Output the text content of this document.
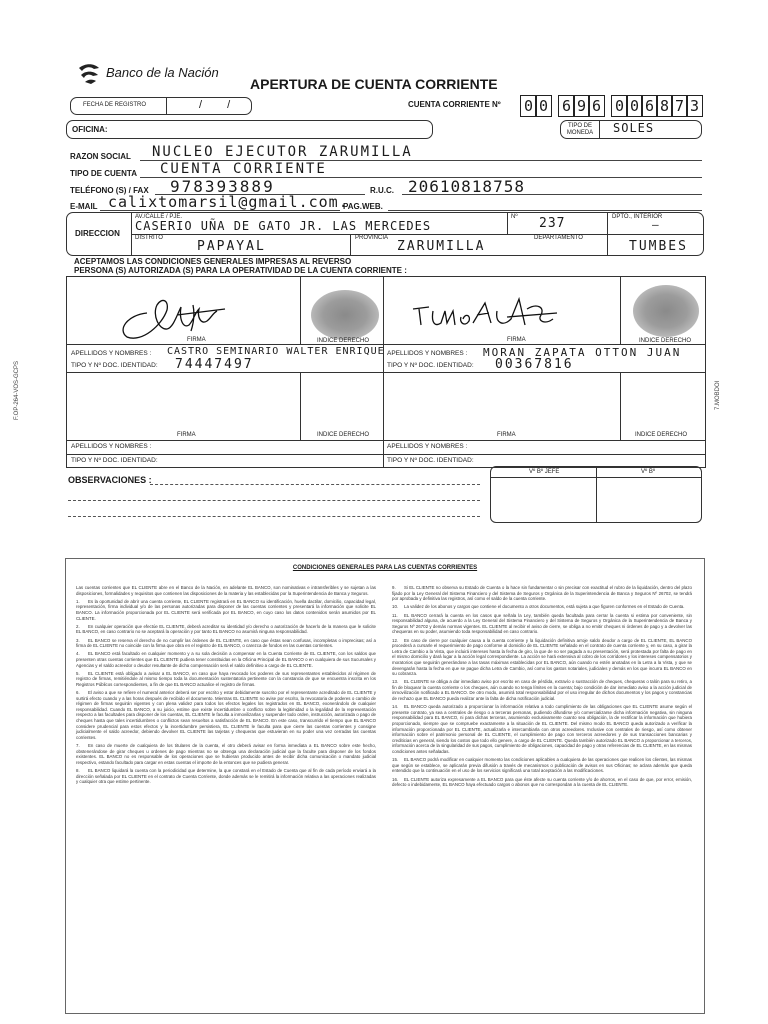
Banco de la Nación
APERTURA DE CUENTA CORRIENTE
FECHA DE REGISTRO	/ /	CUENTA CORRIENTE Nº 0 0 6 9 6 0 0 6 8 7 3
OFICINA:	TIPO DE MONEDA SOLES
RAZON SOCIAL NUCLEO EJECUTOR ZARUMILLA
TIPO DE CUENTA CUENTA CORRIENTE
TELÉFONO (S) / FAX 978393889	R.U.C. 20610818758
E-MAIL calixtomarsil@gmail.com.
PAG.WEB.
DIRECCION
AV./CALLE / PJE.
CASERIO UÑA DE GATO JR. LAS MERCEDES
Nº 237	DPTO., INTERIOR
—
DISTRITO
PAPAYAL
PROVINCIA
ZARUMILLA
DEPARTAMENTO
TUMBES
ACEPTAMOS LAS CONDICIONES GENERALES IMPRESAS AL REVERSO
PERSONA (S) AUTORIZADA (S) PARA LA OPERATIVIDAD DE LA CUENTA CORRIENTE :
FIRMA	INDICE DERECHO	FIRMA	INDICE DERECHO
APELLIDOS Y NOMBRES : CASTRO SEMINARIO WALTER ENRIQUE
TIPO Y Nº DOC. IDENTIDAD: 74447497
APELLIDOS Y NOMBRES : MORAN ZAPATA OTTON JUAN
TIPO Y Nº DOC. IDENTIDAD: 00367816
FIRMA	INDICE DERECHO	FIRMA	INDICE DERECHO
APELLIDOS Y NOMBRES :
TIPO Y Nº DOC. IDENTIDAD:
APELLIDOS Y NOMBRES :
TIPO Y Nº DOC. IDENTIDAD:
F.OP-264-VOS-GCPS	7.MOBDOI
OBSERVACIONES :
Vº Bº JEFE	Vº Bº
CONDICIONES GENERALES PARA LAS CUENTAS CORRIENTES

Las cuentas corrientes que EL CLIENTE abre en el Banco de la Nación, en adelante EL BANCO, son nominativas e intransferibles y se sujetan a las disposiciones, formalidades y requisitos que contienen las disposiciones de la materia y las establecidas por la Superintendencia de Banca y Seguros.

1. Es la oportunidad de abrir una cuenta corriente, EL CLIENTE registrará en EL BANCO su identificación, huella dactilar, domicilio, capacidad legal, representación, firma individual y/o de las personas autorizadas para disponer de las cuentas corrientes y presentará la información que solicite EL BANCO. La información proporcionada por EL CLIENTE será verificada por EL BANCO, en cuyo caso los datos contenidos serán asumidos por EL CLIENTE.

2. En cualquier operación que efectúe EL CLIENTE, deberá acreditar su identidad y/o derecho o autorización de hacerlo de la manera que le solicite EL BANCO, en caso contrario no se aceptará la operación y por tanto EL BANCO no asumirá ninguna responsabilidad.

3. EL BANCO se reserva el derecho de no cumplir las órdenes de EL CLIENTE, en caso que éstas sean confusas, incompletas o imprecisas; así a firma de EL CLIENTE no coincide con la firma que obra en el registro de EL BANCO, o carezca de fondos en las cuentas corrientes.

4. EL BANCO está facultado en cualquier momento y a su sola decisión a compensar en la Cuenta Corriente de EL CLIENTE, con los saldos que presenten otras cuentas corrientes que EL CLIENTE pudiera tener constituidas en la Oficina Principal de EL BANCO o en cualquiera de sus Sucursales y Agencias y el saldo acreedor o deudor resultante de dicha compensación será el saldo definitivo a cargo de EL CLIENTE.

5. EL CLIENTE está obligado a avisar a EL BANCO, en caso que haya revocado los poderes de sus representantes establecidos al régimen de registro de firmas, remitiéndole al mismo tiempo toda la documentación sustentatoria pertinente con la constancia de que se encuentra inscrita en los Registros Públicos correspondientes, a fin de que EL BANCO actualice el registro de firmas.

6. El aviso a que se refiere el numeral anterior deberá ser por escrito y estar debidamente suscrito por el representante acreditado de EL CLIENTE y surtirá efecto cuando y a las horas después de recibido el documento. Mientras EL CLIENTE no avise por escrito, la revocatoria de poderes o cambio de régimen de firmas seguirán vigentes y con plena validez para todos los efectos legales los registrados en EL BANCO, exonerándolo de cualquier responsabilidad. Cuando EL BANCO, a su juicio, estime que existe incertidumbre o conflicto sobre la legitimidad o la legalidad de la representación respecto a las facultades para disponer de los cuentas, EL CLIENTE le faculta a inmovilizarlas y suspender todo orden, instrucción, autorizada o pago de cheques hasta que tales incertidumbres o conflictos sean resueltos a satisfacción de EL BANCO. En este caso, transcurrido el tiempo que EL BANCO considere prudencial para estos efectos y la incertidumbre persistiera, EL CLIENTE le faculta para que cierre las cuentas corrientes y consigne judicialmente el saldo acreedor, debiendo devolver EL CLIENTE las tarjetas y chequeras que estuvieran en su poder una vez cerradas las cuentas corrientes.

7. En caso de muerte de cualquiera de los titulares de la cuenta, el otro deberá avisar en forma inmediata a EL BANCO sobre este hecho, obstenerándose de girar cheques u ordenes de pago mientras no se obtenga una declaración judicial que la faculte para disponer de los fondos existentes. EL BANCO no es responsable de los operaciones que se hubieran producido antes de recibir dicha comunicación o mandato judicial respectivo, estando facultado para cargar en estas cuentas el importe de la entonces que se pudiera generar.

8. EL BANCO liquidará la cuenta con la periodicidad que determine, la que constará en el Estado de Cuenta que al fin de cada período enviará a la dirección señalada por EL CLIENTE en el contrato de Cuenta Corriente, donde además se le remitirá la información relativa a las operaciones realizadas y cualquier otra que estime pertinente.

9. Si EL CLIENTE no observa su Estado de Cuenta o la hace sin fundamentar o sin precisar con exactitud el rubro de la liquidación, dentro del plazo fijado por la Ley General del Sistema Financiero y del Sistema de Seguros y Orgánica de la Superintendencia de Banca y Seguros Nº 26702, se tendrá por aprobada y definitiva las registros, así como el saldo de la cuenta corriente.

10. La validez de los abonos y cargos que contiene el documento a otros documentos, está sujeta a que figuren conformes en el Estado de Cuenta.

11. EL BANCO cerrará la cuenta en los casos que señala la Ley, también queda facultada para cerrar la cuenta si estima por conveniente, sin responsabilidad alguna, de acuerdo a la Ley General del Sistema Financiero y del Sistema de Seguros y Orgánica de la Superintendencia de Banca y Seguros Nº 26702 y demás normas vigentes. EL CLIENTE al recibir el aviso de cierre, se obliga a no emitir cheques ni órdenes de pago y a devolver las chequeras en su poder, asumiendo toda responsabilidad en caso contrario.

12. En caso de cierre por cualquier causa a la cuenta corriente y la liquidación definitiva arroje saldo deudor a cargo de EL CLIENTE, EL BANCO procederá a cursarle el requerimiento de pago conforme al domicilio de EL CLIENTE señalado en el contrato de cuenta corriente y, en su caso, a girar la Letra de Cambio a la Vista, que incluirá intereses hasta la fecha de giro, la que de no ser pagada a su presentación, será protestada por falta de pago en el mismo domicilio y dará lugar a la acción legal correspondiente. La acción se hará extensiva al cobro de los corridores y los intereses compensatorios y moratorios que seguirán generándose a las tasas máximas establecidas por EL BANCO, aún cuando no estén anotadas en la Letra a la Vista, y que se devengarán hasta la fecha en que se pague dicha Letra de Cambio, así como los gastos notariales, judiciales y demás en los que incurra EL BANCO en su cobranza.

13. EL CLIENTE se obliga a dar inmediato aviso por escrito en caso de pérdida, extravío o sustracción de cheques, chequeras o talón para su retiro, a fin de bloquear la cuenta corriente o los cheques, aún cuando no tenga límites en la cuenta; bajo condición de dar inmediato aviso a la acción judicial de inmovilización notificado a EL BANCO. De otro modo, asumirá total responsabilidad por el uso irregular de dichos documentos y los pagos y constancias de rechazo que EL BANCO pueda realizar ante la falta de dicha notificación judicial.

14. EL BANCO queda autorizado a proporcionar la información relativa a todo cumplimiento de las obligaciones que EL CLIENTE asume según el presente contrato, ya sea a centrales de riesgo o a terceras personas, pudiendo difundirse y/o comercializarse dicha información negativa, sin ninguna responsabilidad para EL BANCO, ni para dichas terceras, asumiendo exclusivamente cuanto sea obligación, la de rectificar la información que hubiera proporcionado, siempre que se compruebe exactamente a la situación de EL CLIENTE. Del mismo modo EL BANCO queda autorizado a verificar la información proporcionada por EL CLIENTE, actualizarla e intercambiarla con otros acreedores. Inclusive con centrales de riesgo, así como obtener información sobre el patrimonio personal de EL CLIENTE, el cumplimiento de pago con terceros acreedores y de sus transacciones bancarias y crediticias en general, siendo los costos que todo ello genere, a cargo de EL CLIENTE. Queda también autorizado EL BANCO a proporcionar a terceros, información acerca de la singularidad de sus pagos, cumplimiento de obligaciones, capacidad de pago y otras referencias de EL CLIENTE, en las mismas condiciones antes señaladas.

15. EL BANCO podrá modificar en cualquier momento las condiciones aplicables a cualquiera de las operaciones que realicen los clientes, las mismas que según se establece, se aplicarán previa difusión a través de mecanismos o publicación de avisos en sus Oficinas; se aclara además que queda entendido que la continuación en el uso de los servicios significará una total aceptación a las modificaciones.

16. EL CLIENTE autoriza expresamente a EL BANCO para que éste afecte su cuenta corriente y/o de ahorros, en el caso de que, por error, emisión, defecto o indebidamente, EL BANCO haya efectuado cargos o abonos que no correspondan a la cuenta de EL CLIENTE.
